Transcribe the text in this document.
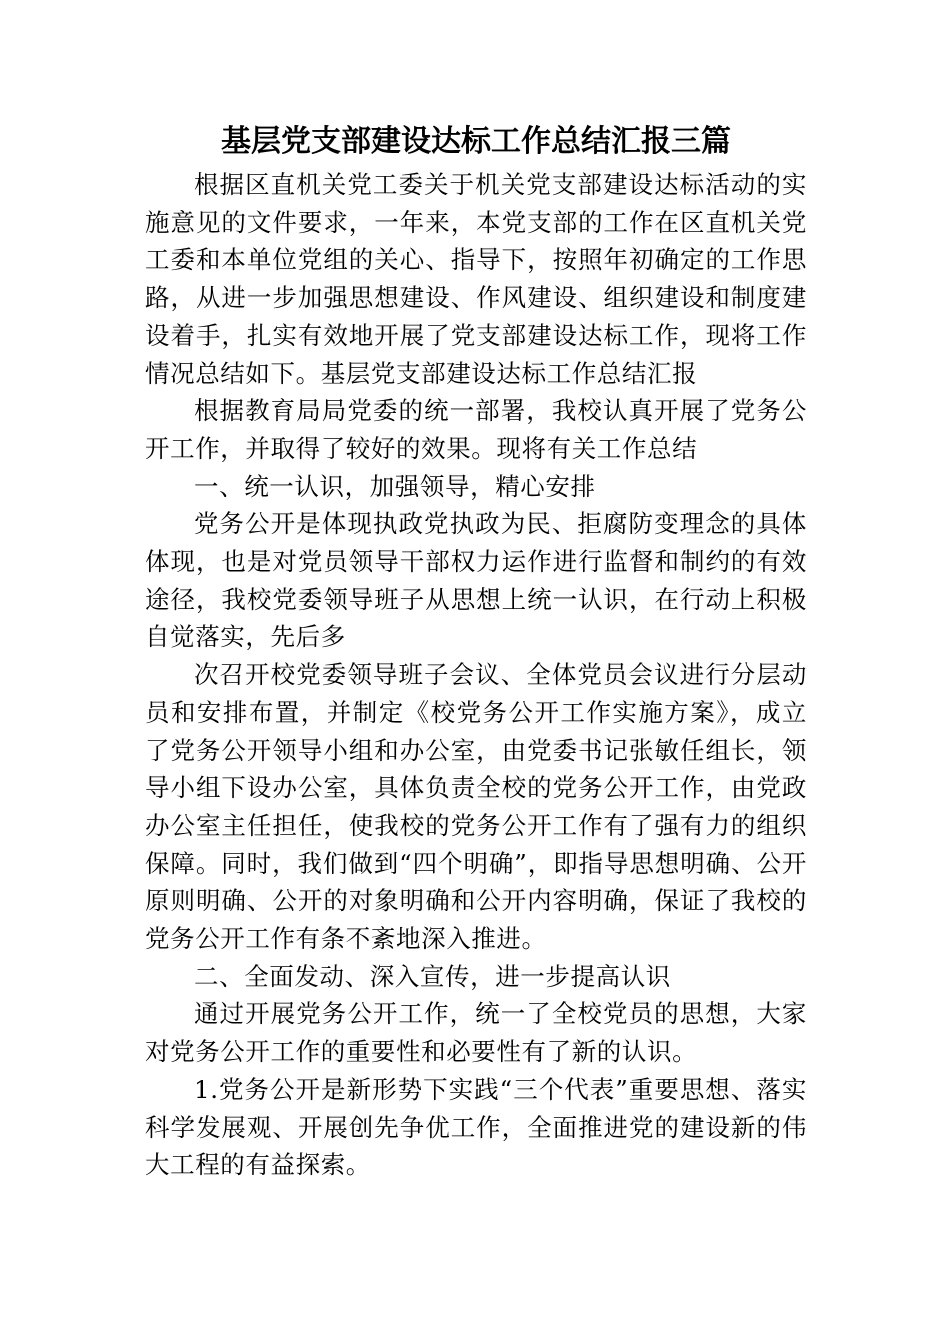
基层党支部建设达标工作总结汇报三篇

根据区直机关党工委关于机关党支部建设达标活动的实施意见的文件要求，一年来，本党支部的工作在区直机关党工委和本单位党组的关心、指导下，按照年初确定的工作思路，从进一步加强思想建设、作风建设、组织建设和制度建设着手，扎实有效地开展了党支部建设达标工作，现将工作情况总结如下。基层党支部建设达标工作总结汇报

根据教育局局党委的统一部署，我校认真开展了党务公开工作，并取得了较好的效果。现将有关工作总结

一、统一认识，加强领导，精心安排

党务公开是体现执政党执政为民、拒腐防变理念的具体体现，也是对党员领导干部权力运作进行监督和制约的有效途径，我校党委领导班子从思想上统一认识，在行动上积极自觉落实，先后多

次召开校党委领导班子会议、全体党员会议进行分层动员和安排布置，并制定《校党务公开工作实施方案》，成立了党务公开领导小组和办公室，由党委书记张敏任组长，领导小组下设办公室，具体负责全校的党务公开工作，由党政办公室主任担任，使我校的党务公开工作有了强有力的组织保障。同时，我们做到“四个明确”，即指导思想明确、公开原则明确、公开的对象明确和公开内容明确，保证了我校的党务公开工作有条不紊地深入推进。

二、全面发动、深入宣传，进一步提高认识

通过开展党务公开工作，统一了全校党员的思想，大家对党务公开工作的重要性和必要性有了新的认识。

1.党务公开是新形势下实践“三个代表”重要思想、落实科学发展观、开展创先争优工作，全面推进党的建设新的伟大工程的有益探索。
